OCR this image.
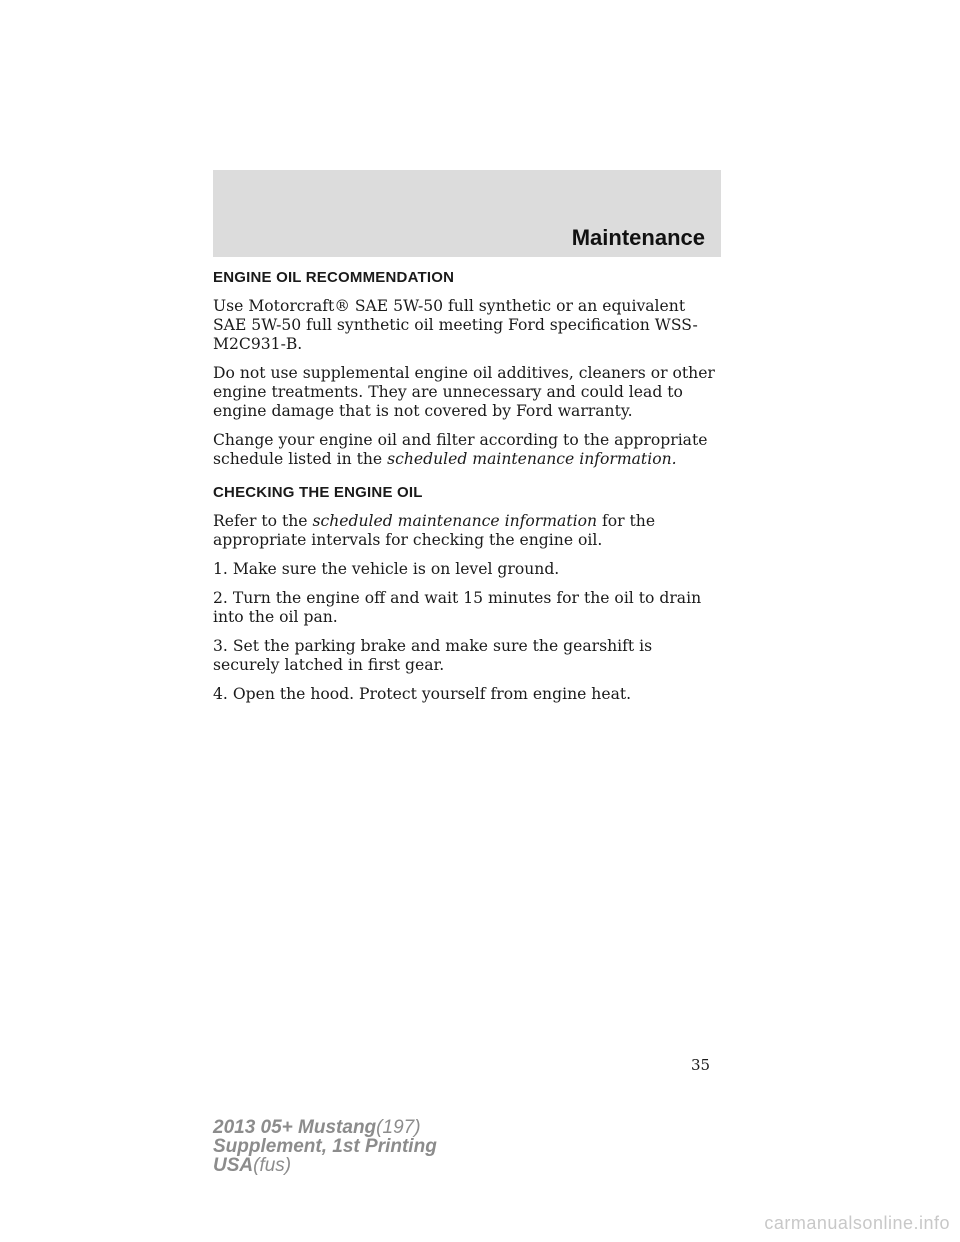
Maintenance
ENGINE OIL RECOMMENDATION

Use Motorcraft® SAE 5W-50 full synthetic or an equivalent SAE 5W-50 full synthetic oil meeting Ford specification WSS-M2C931-B.

Do not use supplemental engine oil additives, cleaners or other engine treatments. They are unnecessary and could lead to engine damage that is not covered by Ford warranty.

Change your engine oil and filter according to the appropriate schedule listed in the scheduled maintenance information.

CHECKING THE ENGINE OIL

Refer to the scheduled maintenance information for the appropriate intervals for checking the engine oil.

1. Make sure the vehicle is on level ground.

2. Turn the engine off and wait 15 minutes for the oil to drain into the oil pan.

3. Set the parking brake and make sure the gearshift is securely latched in first gear.

4. Open the hood. Protect yourself from engine heat.

35
2013 05+ Mustang(197)
Supplement, 1st Printing
USA(fus)
carmanualsonline.info
